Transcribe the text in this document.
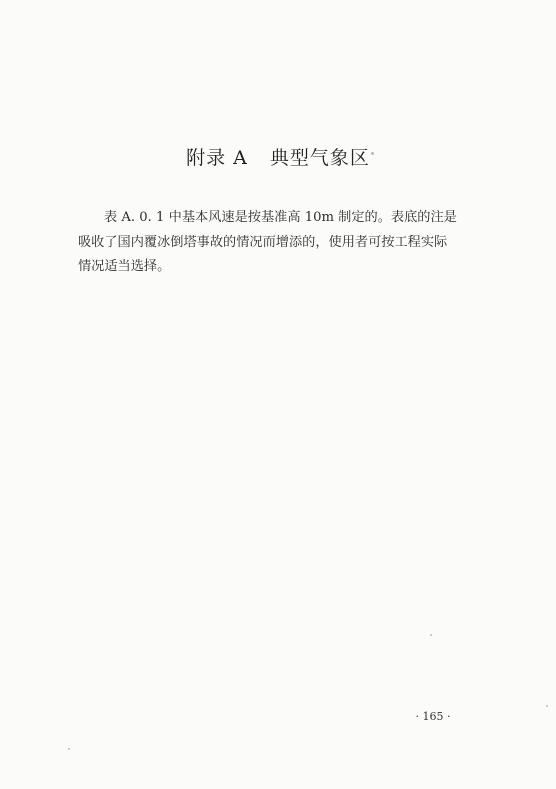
附录 A 典型气象区
表 A. 0. 1 中基本风速是按基准高 10m 制定的。表底的注是
吸收了国内覆冰倒塔事故的情况而增添的，使用者可按工程实际
情况适当选择。
· 165 ·
